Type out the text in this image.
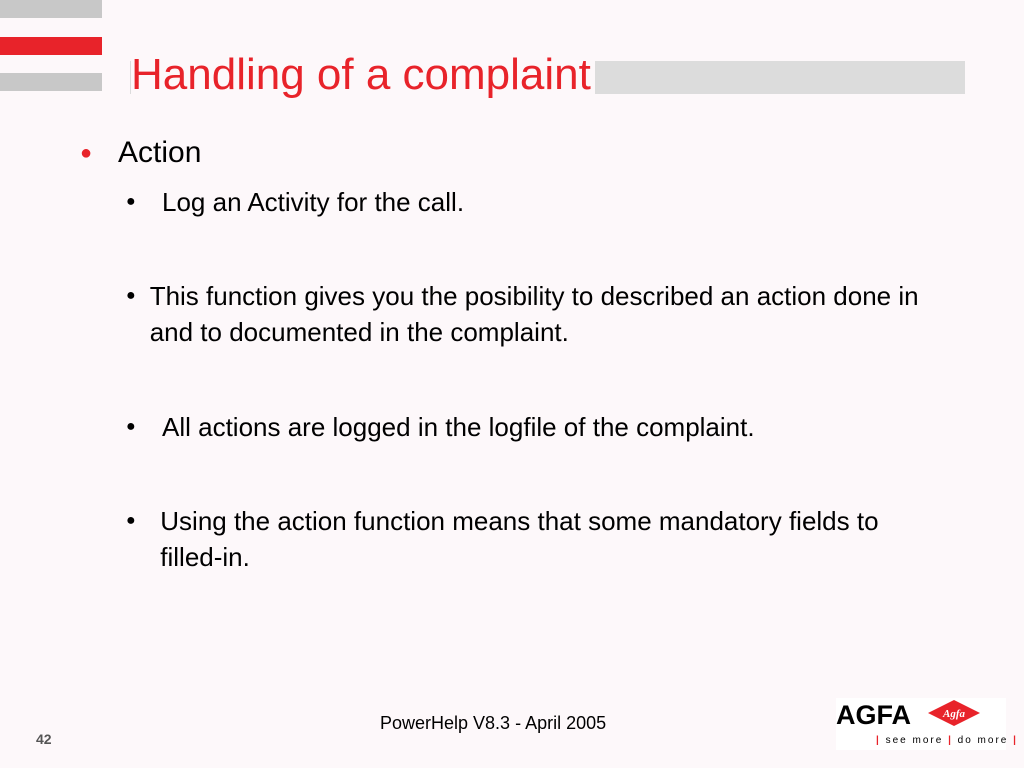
Handling of a complaint
● Action
●	Log an Activity for the call.
● This function gives you the posibility to described an action done in and to documented in the complaint.
●	All actions are logged in the logfile of the complaint.
● Using the action function means that some mandatory fields to filled-in.
PowerHelp V8.3 - April 2005
42
AGFA	Agfa
| see more | do more |
